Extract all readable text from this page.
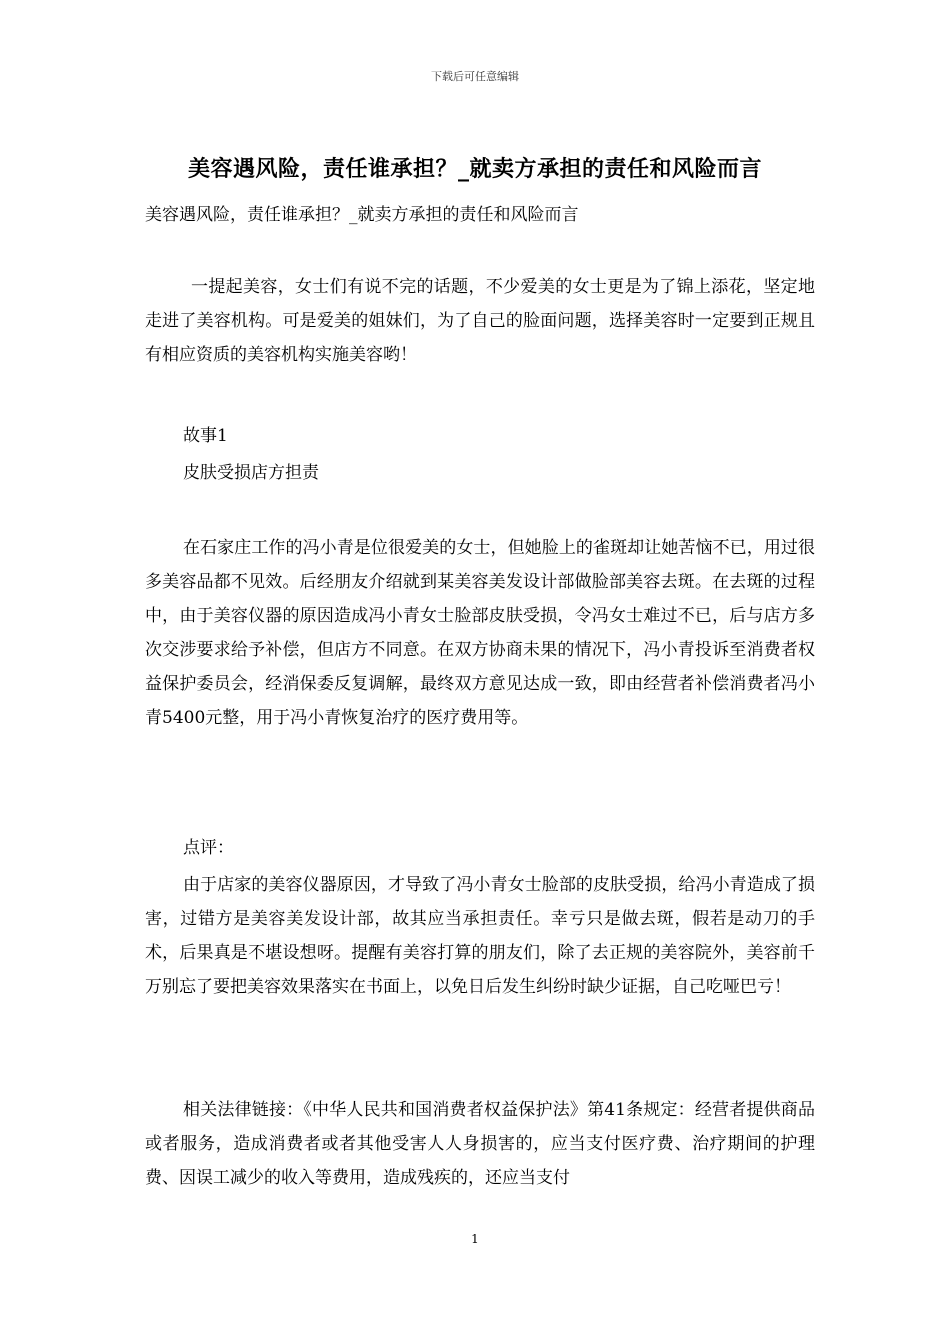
下载后可任意编辑
美容遇风险，责任谁承担？_就卖方承担的责任和风险而言
美容遇风险，责任谁承担？_就卖方承担的责任和风险而言

一提起美容，女士们有说不完的话题，不少爱美的女士更是为了锦上添花，坚定地走进了美容机构。可是爱美的姐妹们，为了自己的脸面问题，选择美容时一定要到正规且有相应资质的美容机构实施美容哟！

故事1
皮肤受损店方担责

在石家庄工作的冯小青是位很爱美的女士，但她脸上的雀斑却让她苦恼不已，用过很多美容品都不见效。后经朋友介绍就到某美容美发设计部做脸部美容去斑。在去斑的过程中，由于美容仪器的原因造成冯小青女士脸部皮肤受损，令冯女士难过不已，后与店方多次交涉要求给予补偿，但店方不同意。在双方协商未果的情况下，冯小青投诉至消费者权益保护委员会，经消保委反复调解，最终双方意见达成一致，即由经营者补偿消费者冯小青5400元整，用于冯小青恢复治疗的医疗费用等。

点评：

由于店家的美容仪器原因，才导致了冯小青女士脸部的皮肤受损，给冯小青造成了损害，过错方是美容美发设计部，故其应当承担责任。幸亏只是做去斑，假若是动刀的手术，后果真是不堪设想呀。提醒有美容打算的朋友们，除了去正规的美容院外，美容前千万别忘了要把美容效果落实在书面上，以免日后发生纠纷时缺少证据，自己吃哑巴亏！

相关法律链接：《中华人民共和国消费者权益保护法》第41条规定：经营者提供商品或者服务，造成消费者或者其他受害人人身损害的，应当支付医疗费、治疗期间的护理费、因误工减少的收入等费用，造成残疾的，还应当支付

1
